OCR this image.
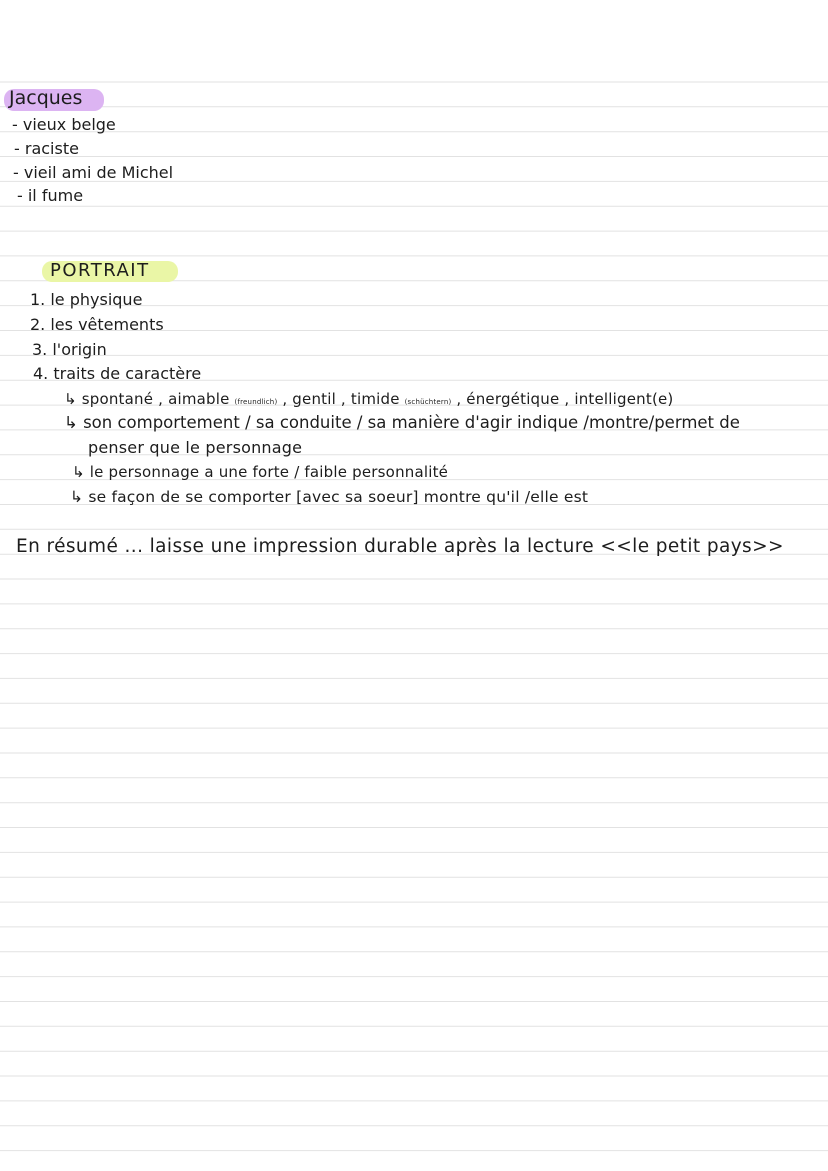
Jacques
- vieux belge
- raciste
- vieil ami de Michel
- il fume
PORTRAIT
1. le physique
2. les vêtements
3. l'origin
4. traits de caractère
↳ spontané , aimable (freundlich) , gentil , timide (schüchtern) , énergétique , intelligent(e)
↳ son comportement / sa conduite / sa manière d'agir indique /montre/permet de
penser que le personnage
↳ le personnage a une forte / faible personnalité
↳ se façon de se comporter [avec sa soeur] montre qu'il /elle est
En résumé ... laisse une impression durable après la lecture <<le petit pays>>
